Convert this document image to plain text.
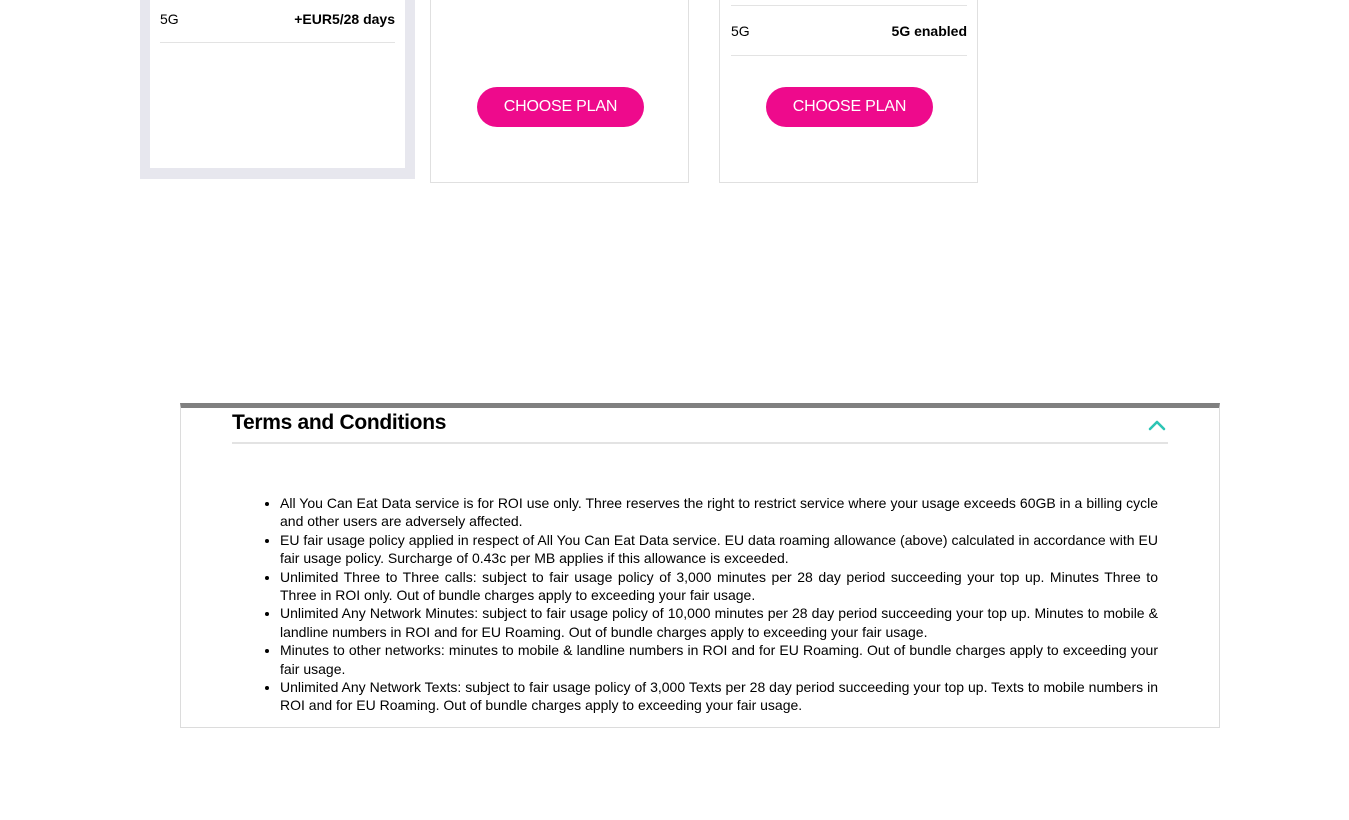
5G	+EUR5/28 days
CHOOSE PLAN
5G	5G enabled
CHOOSE PLAN
Terms and Conditions
• All You Can Eat Data service is for ROI use only. Three reserves the right to restrict service where your usage exceeds 60GB in a billing cycle and other users are adversely affected.
• EU fair usage policy applied in respect of All You Can Eat Data service. EU data roaming allowance (above) calculated in accordance with EU fair usage policy. Surcharge of 0.43c per MB applies if this allowance is exceeded.
• Unlimited Three to Three calls: subject to fair usage policy of 3,000 minutes per 28 day period succeeding your top up. Minutes Three to Three in ROI only. Out of bundle charges apply to exceeding your fair usage.
• Unlimited Any Network Minutes: subject to fair usage policy of 10,000 minutes per 28 day period succeeding your top up. Minutes to mobile & landline numbers in ROI and for EU Roaming. Out of bundle charges apply to exceeding your fair usage.
• Minutes to other networks: minutes to mobile & landline numbers in ROI and for EU Roaming. Out of bundle charges apply to exceeding your fair usage.
• Unlimited Any Network Texts: subject to fair usage policy of 3,000 Texts per 28 day period succeeding your top up. Texts to mobile numbers in ROI and for EU Roaming. Out of bundle charges apply to exceeding your fair usage.
